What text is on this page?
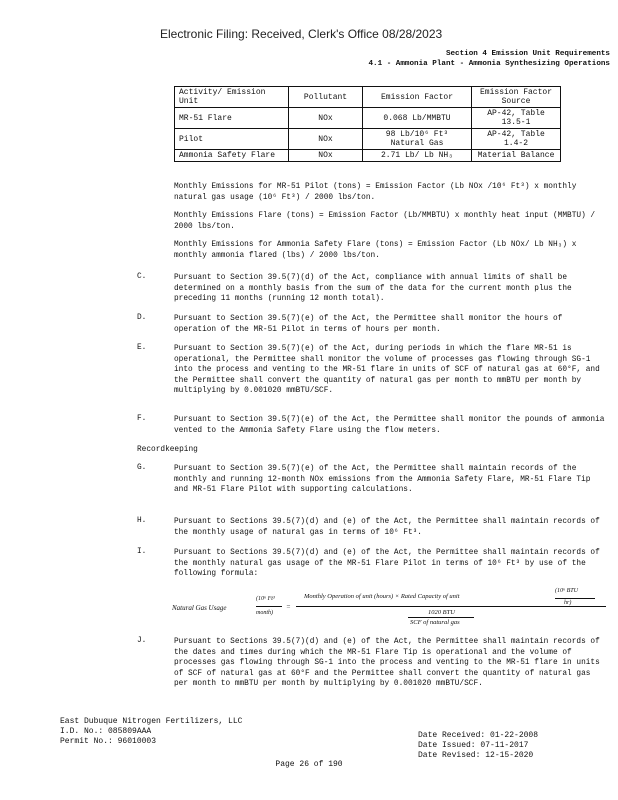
Electronic Filing: Received, Clerk's Office 08/28/2023
Section 4 Emission Unit Requirements
4.1 - Ammonia Plant - Ammonia Synthesizing Operations
Activity/ Emission Unit	Pollutant	Emission Factor	Emission Factor Source
MR-51 Flare	NOx	0.068 Lb/MMBTU	AP-42, Table 13.5-1
Pilot	NOx	98 Lb/10⁶ Ft³ Natural Gas	AP-42, Table 1.4-2
Ammonia Safety Flare	NOx	2.71 Lb/ Lb NH₃	Material Balance
Monthly Emissions for MR-51 Pilot (tons) = Emission Factor (Lb NOx /10⁶ Ft³) x monthly natural gas usage (10⁶ Ft³) / 2000 lbs/ton.
Monthly Emissions Flare (tons) = Emission Factor (Lb/MMBTU) x monthly heat input (MMBTU) / 2000 lbs/ton.
Monthly Emissions for Ammonia Safety Flare (tons) = Emission Factor (Lb NOx/ Lb NH₃) x monthly ammonia flared (lbs) / 2000 lbs/ton.
C.	Pursuant to Section 39.5(7)(d) of the Act, compliance with annual limits of shall be determined on a monthly basis from the sum of the data for the current month plus the preceding 11 months (running 12 month total).
D.	Pursuant to Section 39.5(7)(e) of the Act, the Permittee shall monitor the hours of operation of the MR-51 Pilot in terms of hours per month.
E.	Pursuant to Section 39.5(7)(e) of the Act, during periods in which the flare MR-51 is operational, the Permittee shall monitor the volume of processes gas flowing through SG-1 into the process and venting to the MR-51 flare in units of SCF of natural gas at 60°F, and the Permittee shall convert the quantity of natural gas per month to mmBTU per month by multiplying by 0.001020 mmBTU/SCF.
F.	Pursuant to Section 39.5(7)(e) of the Act, the Permittee shall monitor the pounds of ammonia vented to the Ammonia Safety Flare using the flow meters.
Recordkeeping
G.	Pursuant to Section 39.5(7)(e) of the Act, the Permittee shall maintain records of the monthly and running 12-month NOx emissions from the Ammonia Safety Flare, MR-51 Flare Tip and MR-51 Flare Pilot with supporting calculations.
H.	Pursuant to Sections 39.5(7)(d) and (e) of the Act, the Permittee shall maintain records of the monthly usage of natural gas in terms of 10⁶ Ft³.
I.	Pursuant to Sections 39.5(7)(d) and (e) of the Act, the Permittee shall maintain records of the monthly natural gas usage of the MR-51 Flare Pilot in terms of 10⁶ Ft³ by use of the following formula:
Natural Gas Usage
(10⁶ Ft³
month)
=
Monthly Operation of unit (hours) × Rated Capacity of unit
(10⁶ BTU
hr)
1020 BTU
SCF of natural gas
J.	Pursuant to Sections 39.5(7)(d) and (e) of the Act, the Permittee shall maintain records of the dates and times during which the MR-51 Flare Tip is operational and the volume of processes gas flowing through SG-1 into the process and venting to the MR-51 flare in units of SCF of natural gas at 60°F and the Permittee shall convert the quantity of natural gas per month to mmBTU per month by multiplying by 0.001020 mmBTU/SCF.
East Dubuque Nitrogen Fertilizers, LLC
I.D. No.: 085809AAA
Permit No.: 96010003
Date Received: 01-22-2008
Date Issued: 07-11-2017
Date Revised: 12-15-2020
Page 26 of 190
